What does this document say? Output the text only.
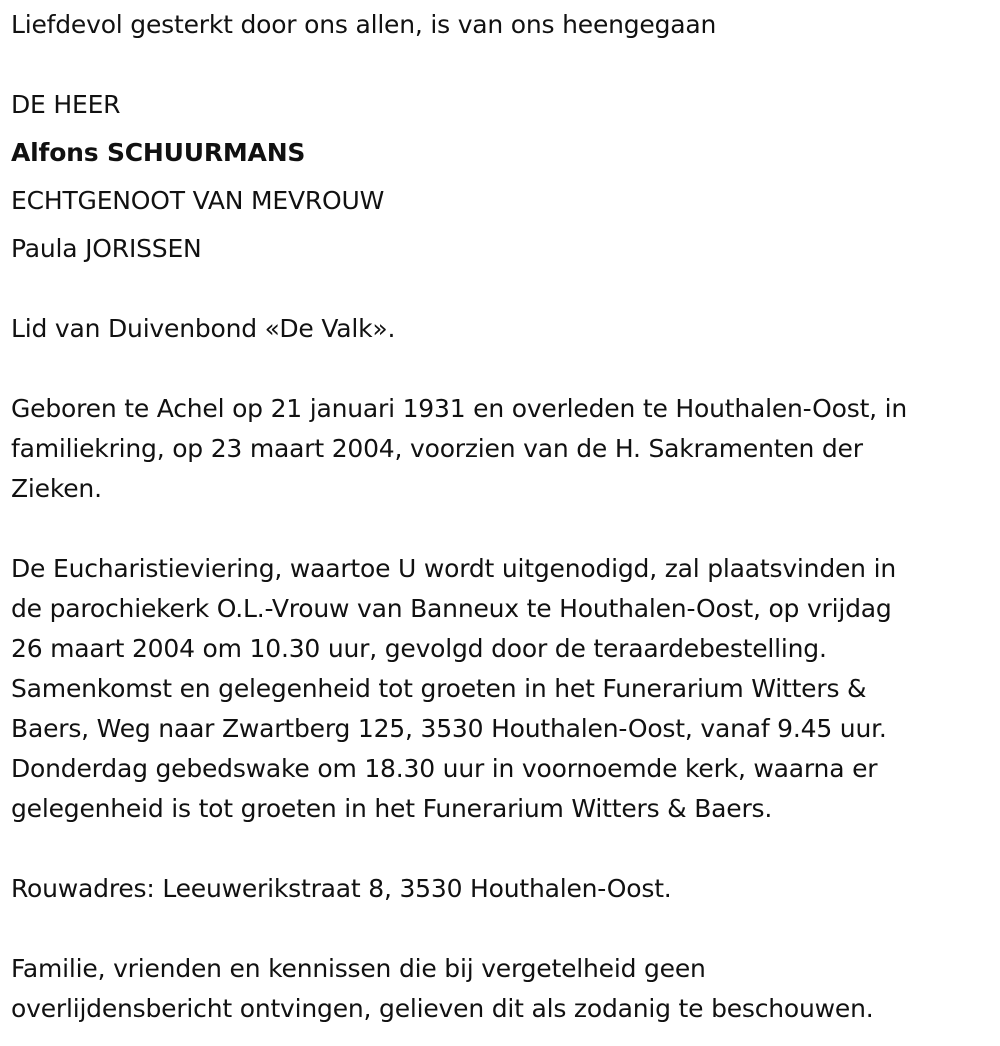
Liefdevol gesterkt door ons allen, is van ons heengegaan
DE HEER
Alfons SCHUURMANS
ECHTGENOOT VAN MEVROUW
Paula JORISSEN
Lid van Duivenbond «De Valk».
Geboren te Achel op 21 januari 1931 en overleden te Houthalen-Oost, in
familiekring, op 23 maart 2004, voorzien van de H. Sakramenten der
Zieken.
De Eucharistieviering, waartoe U wordt uitgenodigd, zal plaatsvinden in
de parochiekerk O.L.-Vrouw van Banneux te Houthalen-Oost, op vrijdag
26 maart 2004 om 10.30 uur, gevolgd door de teraardebestelling.
Samenkomst en gelegenheid tot groeten in het Funerarium Witters &
Baers, Weg naar Zwartberg 125, 3530 Houthalen-Oost, vanaf 9.45 uur.
Donderdag gebedswake om 18.30 uur in voornoemde kerk, waarna er
gelegenheid is tot groeten in het Funerarium Witters & Baers.
Rouwadres: Leeuwerikstraat 8, 3530 Houthalen-Oost.
Familie, vrienden en kennissen die bij vergetelheid geen
overlijdensbericht ontvingen, gelieven dit als zodanig te beschouwen.
